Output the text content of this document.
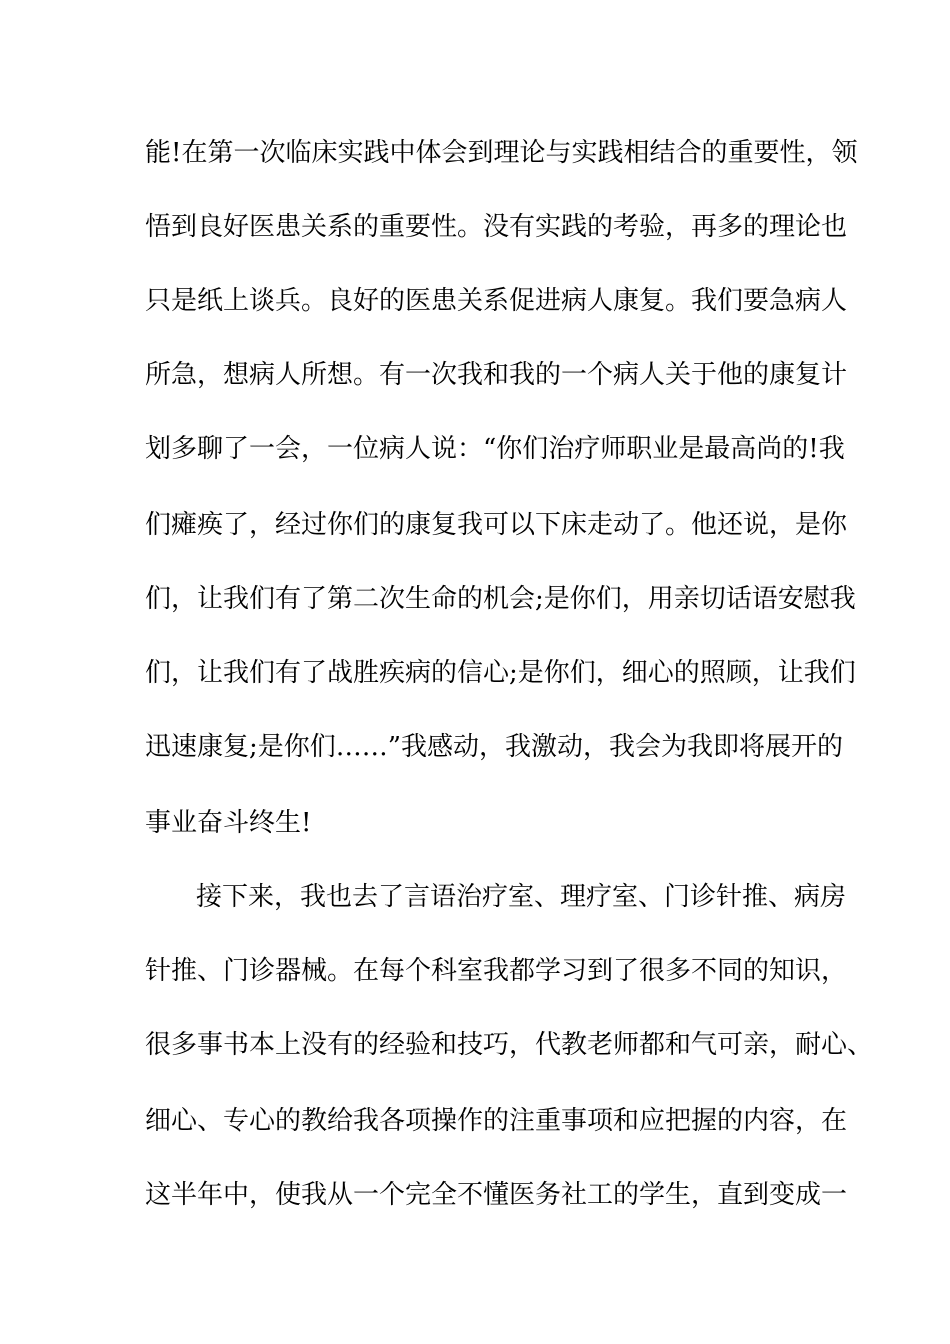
能!在第一次临床实践中体会到理论与实践相结合的重要性，领
悟到良好医患关系的重要性。没有实践的考验，再多的理论也
只是纸上谈兵。良好的医患关系促进病人康复。我们要急病人
所急，想病人所想。有一次我和我的一个病人关于他的康复计
划多聊了一会，一位病人说：“你们治疗师职业是最高尚的!我
们瘫痪了，经过你们的康复我可以下床走动了。他还说，是你
们，让我们有了第二次生命的机会;是你们，用亲切话语安慰我
们，让我们有了战胜疾病的信心;是你们，细心的照顾，让我们
迅速康复;是你们……”我感动，我激动，我会为我即将展开的
事业奋斗终生!
接下来，我也去了言语治疗室、理疗室、门诊针推、病房
针推、门诊器械。在每个科室我都学习到了很多不同的知识，
很多事书本上没有的经验和技巧，代教老师都和气可亲，耐心、
细心、专心的教给我各项操作的注重事项和应把握的内容，在
这半年中，使我从一个完全不懂医务社工的学生，直到变成一
